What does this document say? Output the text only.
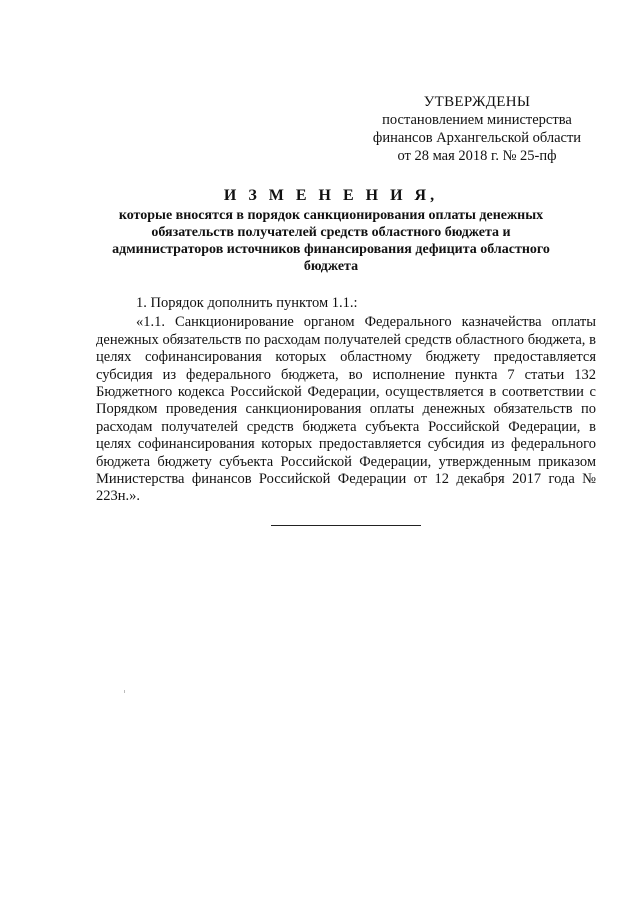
УТВЕРЖДЕНЫ
постановлением министерства
финансов Архангельской области
от 28 мая 2018 г. № 25-пф
И З М Е Н Е Н И Я,
которые вносятся в порядок санкционирования оплаты денежных обязательств получателей средств областного бюджета и администраторов источников финансирования дефицита областного бюджета

1. Порядок дополнить пунктом 1.1.:

«1.1. Санкционирование органом Федерального казначейства оплаты денежных обязательств по расходам получателей средств областного бюджета, в целях софинансирования которых областному бюджету предоставляется субсидия из федерального бюджета, во исполнение пункта 7 статьи 132 Бюджетного кодекса Российской Федерации, осуществляется в соответствии с Порядком проведения санкционирования оплаты денежных обязательств по расходам получателей средств бюджета субъекта Российской Федерации, в целях софинансирования которых предоставляется субсидия из федерального бюджета бюджету субъекта Российской Федерации, утвержденным приказом Министерства финансов Российской Федерации от 12 декабря 2017 года № 223н.».
